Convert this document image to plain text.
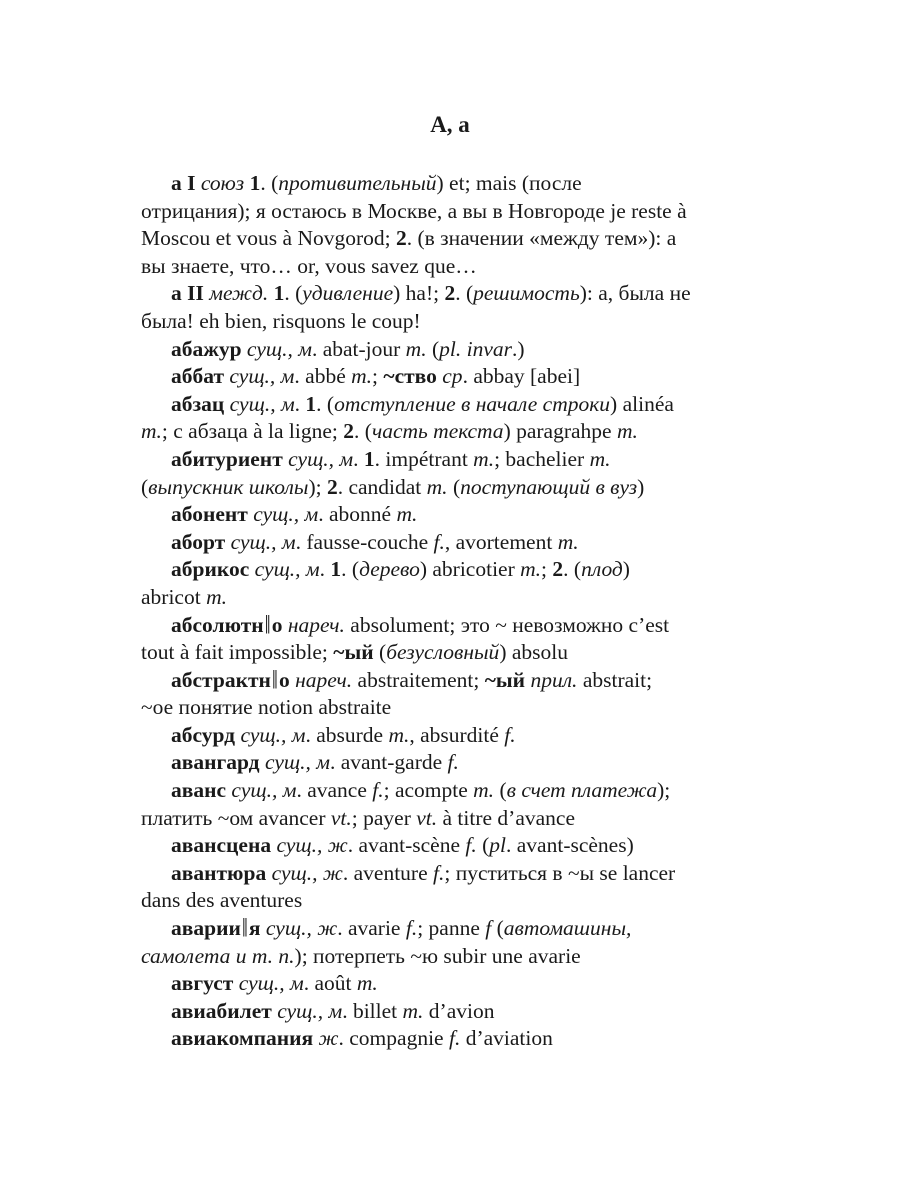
А, а
а I союз 1. (противительный) et; mais (после
отрицания); я остаюсь в Москве, а вы в Новгороде je reste à
Moscou et vous à Novgorod; 2. (в значении «между тем»): а
вы знаете, что… or, vous savez que…
а II межд. 1. (удивление) ha!; 2. (решимость): а, была не
была! eh bien, risquons le coup!
абажур сущ., м. abat-jour m. (pl. invar.)
аббат сущ., м. abbé m.; ~ство ср. abbay [abei]
абзац сущ., м. 1. (отступление в начале строки) alinéa
m.; с абзаца à la ligne; 2. (часть текста) paragrahpe m.
абитуриент сущ., м. 1. impétrant m.; bachelier m.
(выпускник школы); 2. candidat m. (поступающий в вуз)
абонент сущ., м. abonné m.
аборт сущ., м. fausse-couche f., avortement m.
абрикос сущ., м. 1. (дерево) abricotier m.; 2. (плод)
abricot m.
абсолютн‖о нареч. absolument; это ~ невозможно c’est
tout à fait impossible; ~ый (безусловный) absolu
абстрактн‖о нареч. abstraitement; ~ый прил. abstrait;
~ое понятие notion abstraite
абсурд сущ., м. absurde m., absurdité f.
авангард сущ., м. avant-garde f.
аванс сущ., м. avance f.; acompte m. (в счет платежа);
платить ~ом avancer vt.; payer vt. à titre d’avance
авансцена сущ., ж. avant-scène f. (pl. avant-scènes)
авантюра сущ., ж. aventure f.; пуститься в ~ы se lancer
dans des aventures
аварии‖я сущ., ж. avarie f.; panne f (автомашины,
самолета и т. п.); потерпеть ~ю subir une avarie
август сущ., м. août m.
авиабилет сущ., м. billet m. d’avion
авиакомпания ж. compagnie f. d’aviation
